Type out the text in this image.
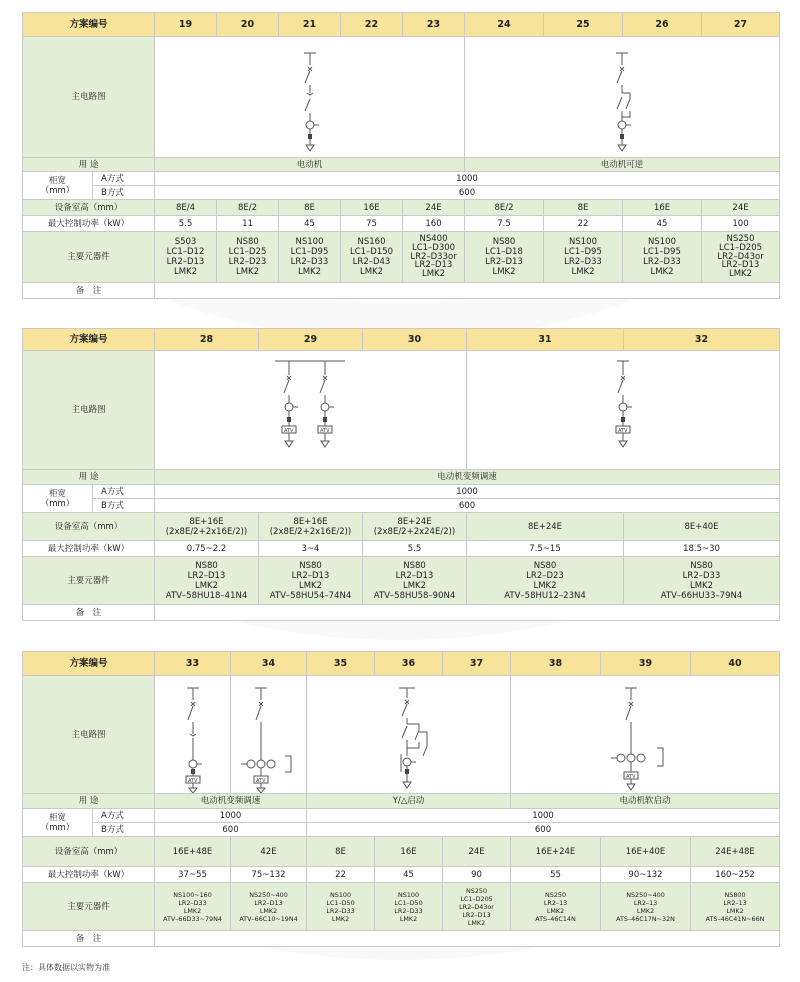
方案编号		19	20	21	22	23	24	25	26	27
主电路图	

用 途		电动机					电动机可逆			
柜宽
（mm）	A方式	1000								
	B方式	600								
设备室高（mm）		8E/4	8E/2	8E	16E	24E	8E/2	8E	16E	24E
最大控制功率（kW）		5.5	11	45	75	160	7.5	22	45	100
主要元器件		S503
LC1–D12
LR2–D13
LMK2	NS80
LC1–D25
LR2–D23
LMK2	NS100
LC1–D95
LR2–D33
LMK2	NS160
LC1–D150
LR2–D43
LMK2	NS400
LC1–D300
LR2–D33or
LR2–D13
LMK2	NS80
LC1–D18
LR2–D13
LMK2	NS100
LC1–D95
LR2–D33
LMK2	NS100
LC1–D95
LR2–D33
LMK2	NS250
LC1–D205
LR2–D43or
LR2–D13
LMK2
备　注										
方案编号		28	29	30	31	32
主电路图		ATV ATV			ATV	

用 途		电动机变频调速				
柜宽
（mm）	A方式	1000				
	B方式	600				
设备室高（mm）		8E+16E
(2x8E/2+2x16E/2))	8E+16E
(2x8E/2+2x16E/2))	8E+24E
(2x8E/2+2x24E/2))	8E+24E	8E+40E
最大控制功率（kW）		0.75~2.2	3~4	5.5	7.5~15	18.5~30
主要元器件		NS80
LR2–D13
LMK2
ATV–58HU18–41N4	NS80
LR2–D13
LMK2
ATV–58HU54–74N4	NS80
LR2–D13
LMK2
ATV–58HU58–90N4	NS80
LR2–D23
LMK2
ATV–58HU12–23N4	NS80
LR2–D33
LMK2
ATV–66HU33–79N4
备　注						
方案编号		33	34	35	36	37	38	39	40
主电路图		ATV	ATV				ATV		

用 途		电动机变频调速		Y/△启动			电动机软启动		
柜宽
（mm）	A方式	1000		1000					
	B方式	600		600					
设备室高（mm）		16E+48E	42E	8E	16E	24E	16E+24E	16E+40E	24E+48E
最大控制功率（kW）		37~55	75~132	22	45	90	55	90~132	160~252
主要元器件		NS100~160
LR2–D33
LMK2
ATV–66D33~79N4	NS250~400
LR2–D13
LMK2
ATV–66C10~19N4	NS100
LC1–D50
LR2–D33
LMK2	NS100
LC1–D50
LR2–D33
LMK2	NS250
LC1–D205
LR2–D43or
LR2–D13
LMK2	NS250
LR2–13
LMK2
ATS–46C14N	NS250~400
LR2–13
LMK2
ATS–46C17N~32N	NS800
LR2–13
LMK2
ATS–46C41N~66N
备　注									
注：具体数据以实物为准
